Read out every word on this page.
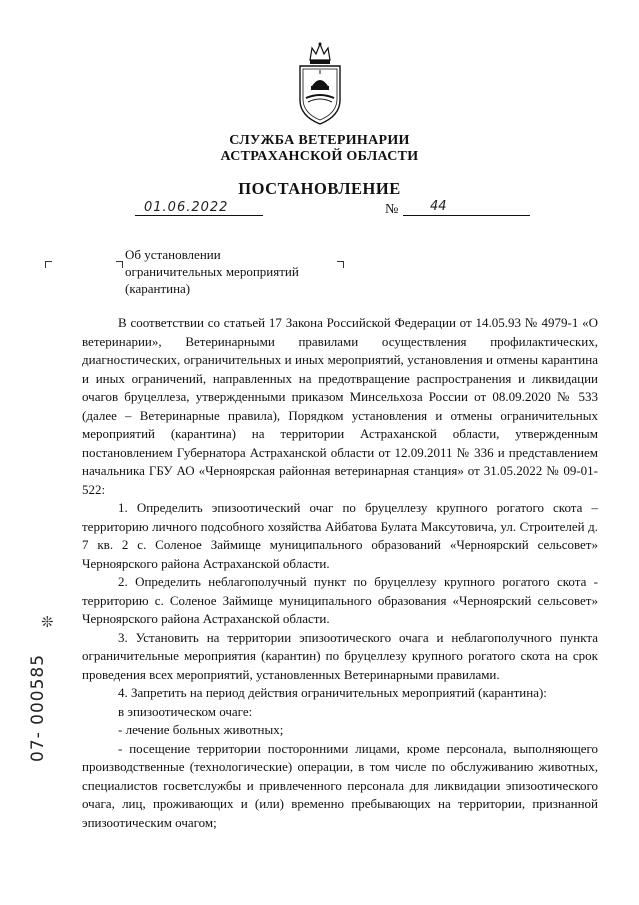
СЛУЖБА ВЕТЕРИНАРИИ
АСТРАХАНСКОЙ ОБЛАСТИ
ПОСТАНОВЛЕНИЕ
01.06.2022	№ 44
Об установлении
ограничительных мероприятий
(карантина)
❊
07- 000585

В соответствии со статьей 17 Закона Российской Федерации от 14.05.93 № 4979-1 «О ветеринарии», Ветеринарными правилами осуществления профилактических, диагностических, ограничительных и иных мероприятий, установления и отмены карантина и иных ограничений, направленных на предотвращение распространения и ликвидации очагов бруцеллеза, утвержденными приказом Минсельхоза России от 08.09.2020 № 533 (далее – Ветеринарные правила), Порядком установления и отмены ограничительных мероприятий (карантина) на территории Астраханской области, утвержденным постановлением Губернатора Астраханской области от 12.09.2011 № 336 и представлением начальника ГБУ АО «Черноярская районная ветеринарная станция» от 31.05.2022 № 09-01-522:

1. Определить эпизоотический очаг по бруцеллезу крупного рогатого скота – территорию личного подсобного хозяйства Айбатова Булата Максутовича, ул. Строителей д. 7 кв. 2 с. Соленое Займище муниципального образований «Черноярский сельсовет» Черноярского района Астраханской области.

2. Определить неблагополучный пункт по бруцеллезу крупного рогатого скота - территорию с. Соленое Займище муниципального образования «Черноярский сельсовет» Черноярского района Астраханской области.

3. Установить на территории эпизоотического очага и неблагополучного пункта ограничительные мероприятия (карантин) по бруцеллезу крупного рогатого скота на срок проведения всех мероприятий, установленных Ветеринарными правилами.

4. Запретить на период действия ограничительных мероприятий (карантина):

в эпизоотическом очаге:

- лечение больных животных;

- посещение территории посторонними лицами, кроме персонала, выполняющего производственные (технологические) операции, в том числе по обслуживанию животных, специалистов госветслужбы и привлеченного персонала для ликвидации эпизоотического очага, лиц, проживающих и (или) временно пребывающих на территории, признанной эпизоотическим очагом;
